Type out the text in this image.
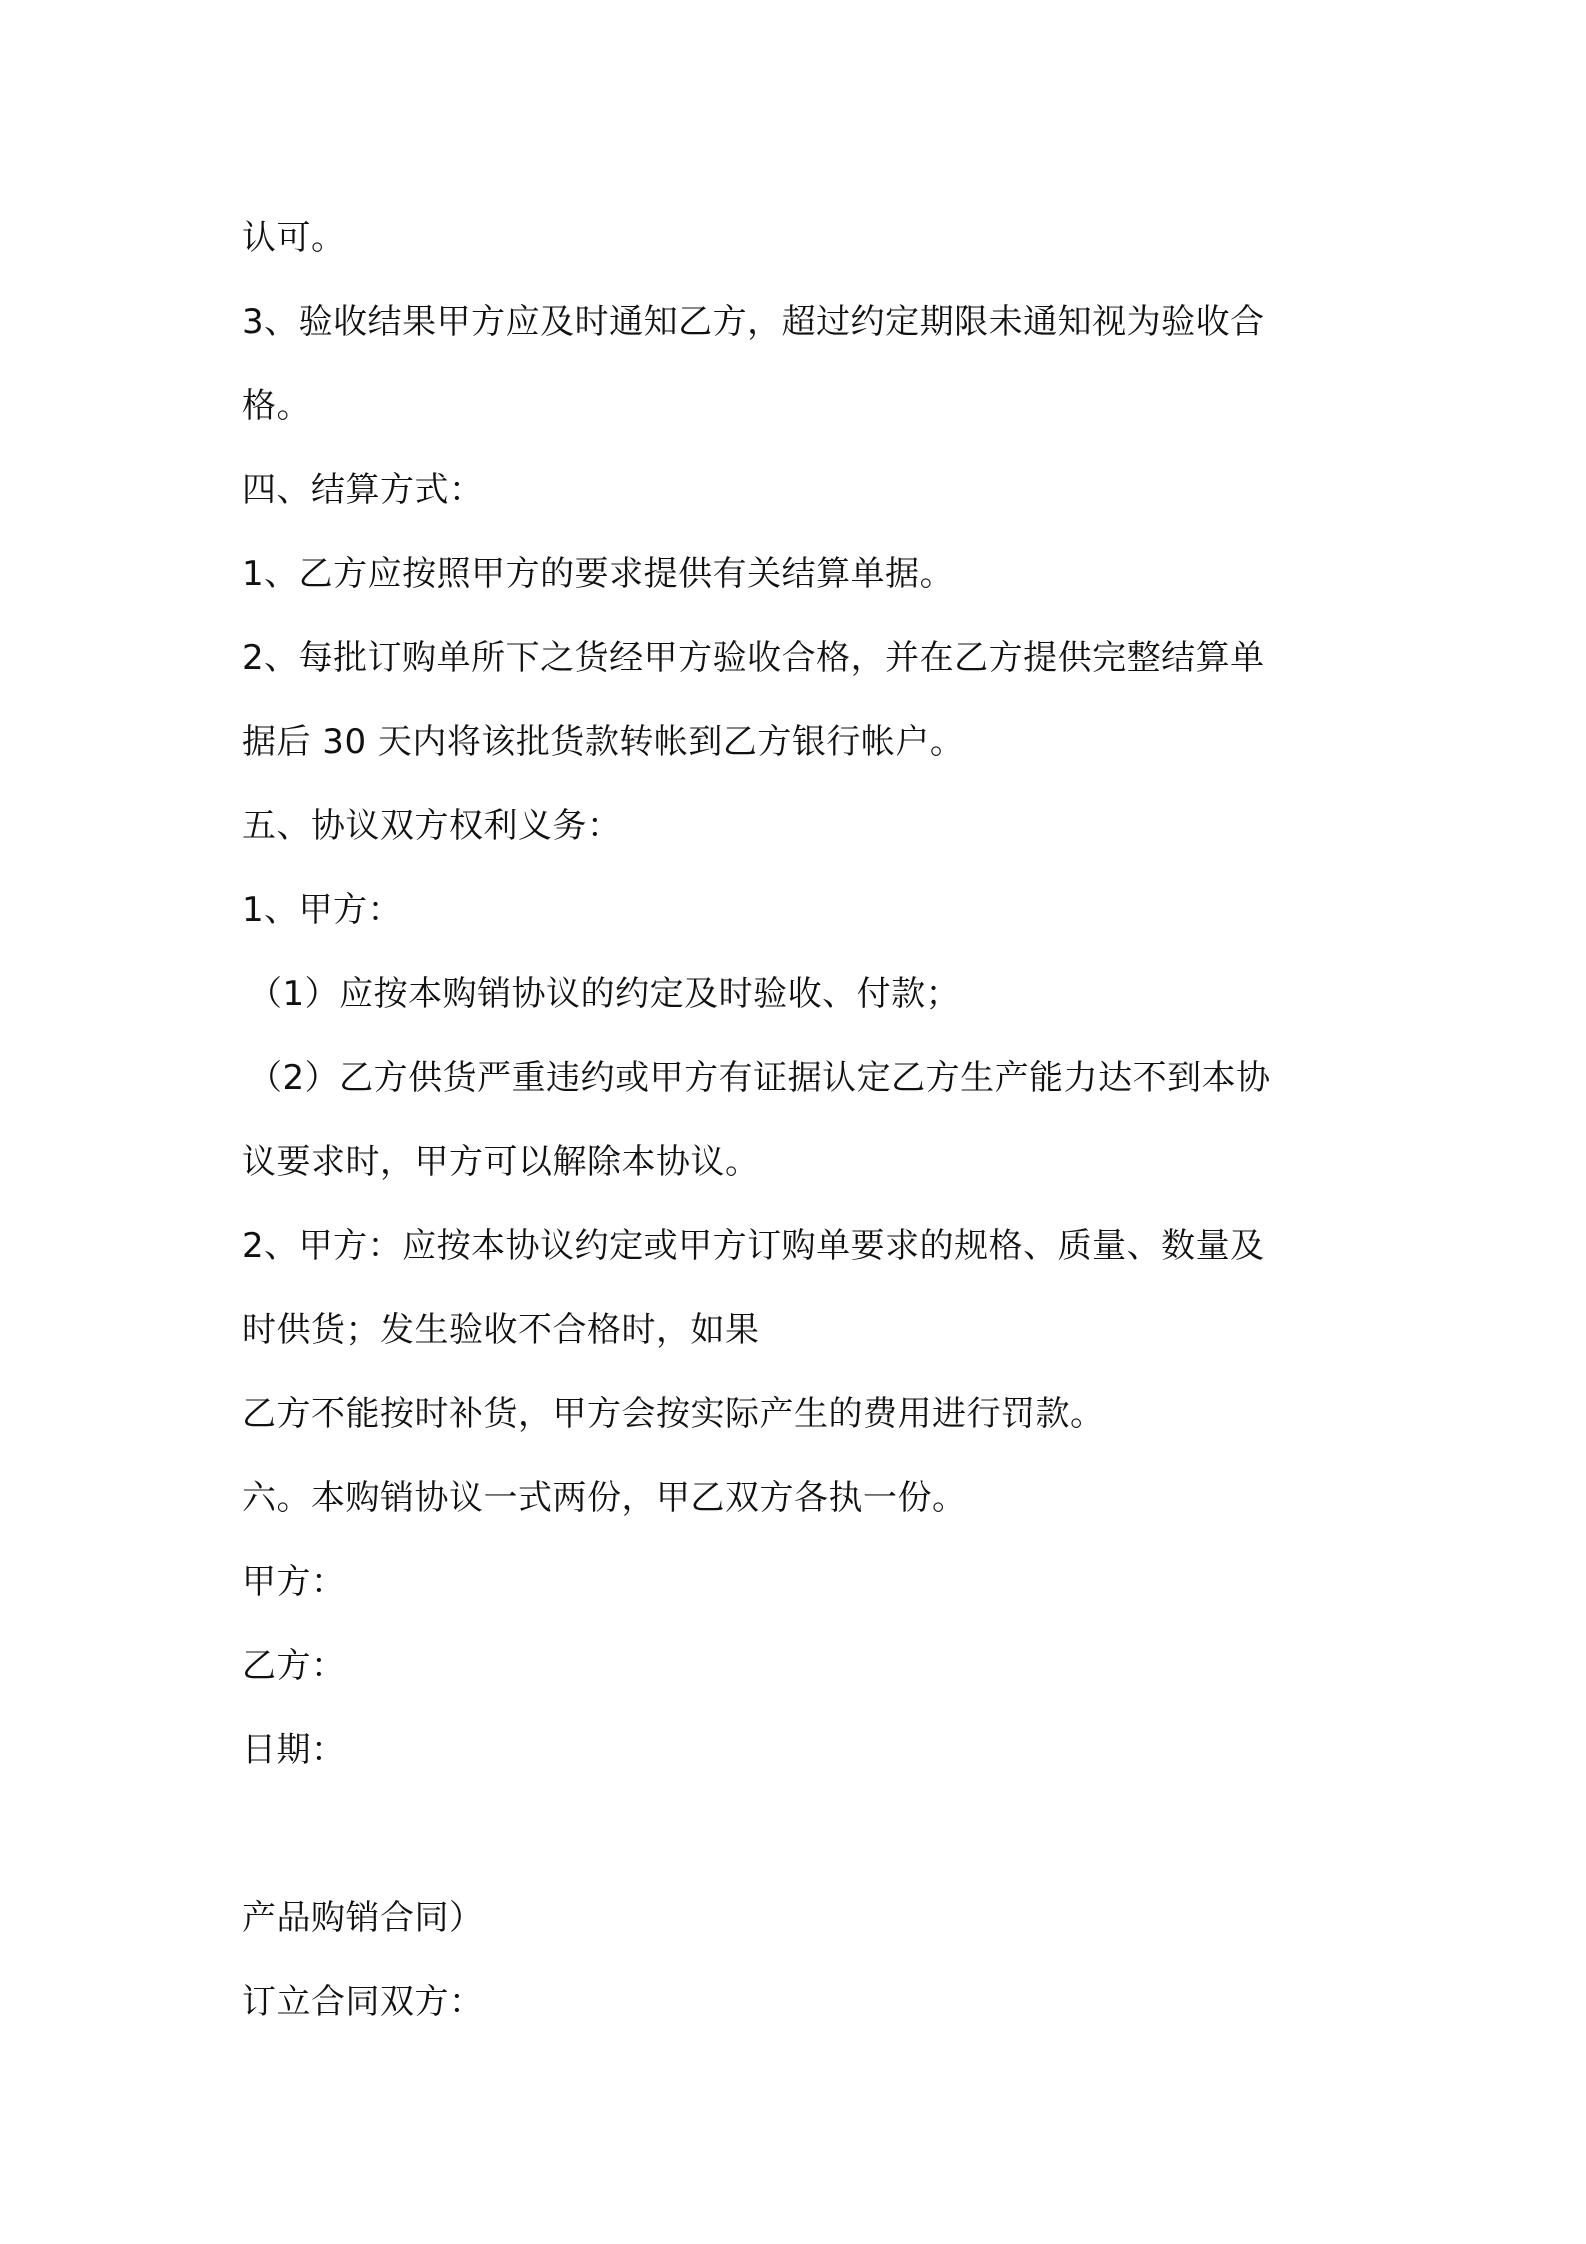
认可。
3、验收结果甲方应及时通知乙方，超过约定期限未通知视为验收合
格。
四、结算方式：
1、乙方应按照甲方的要求提供有关结算单据。
2、每批订购单所下之货经甲方验收合格，并在乙方提供完整结算单
据后 30 天内将该批货款转帐到乙方银行帐户。
五、协议双方权利义务：
1、甲方：
（1）应按本购销协议的约定及时验收、付款；
（2）乙方供货严重违约或甲方有证据认定乙方生产能力达不到本协
议要求时，甲方可以解除本协议。
2、甲方：应按本协议约定或甲方订购单要求的规格、质量、数量及
时供货；发生验收不合格时，如果
乙方不能按时补货，甲方会按实际产生的费用进行罚款。
六。本购销协议一式两份，甲乙双方各执一份。
甲方：
乙方：
日期：
产品购销合同）
订立合同双方：
